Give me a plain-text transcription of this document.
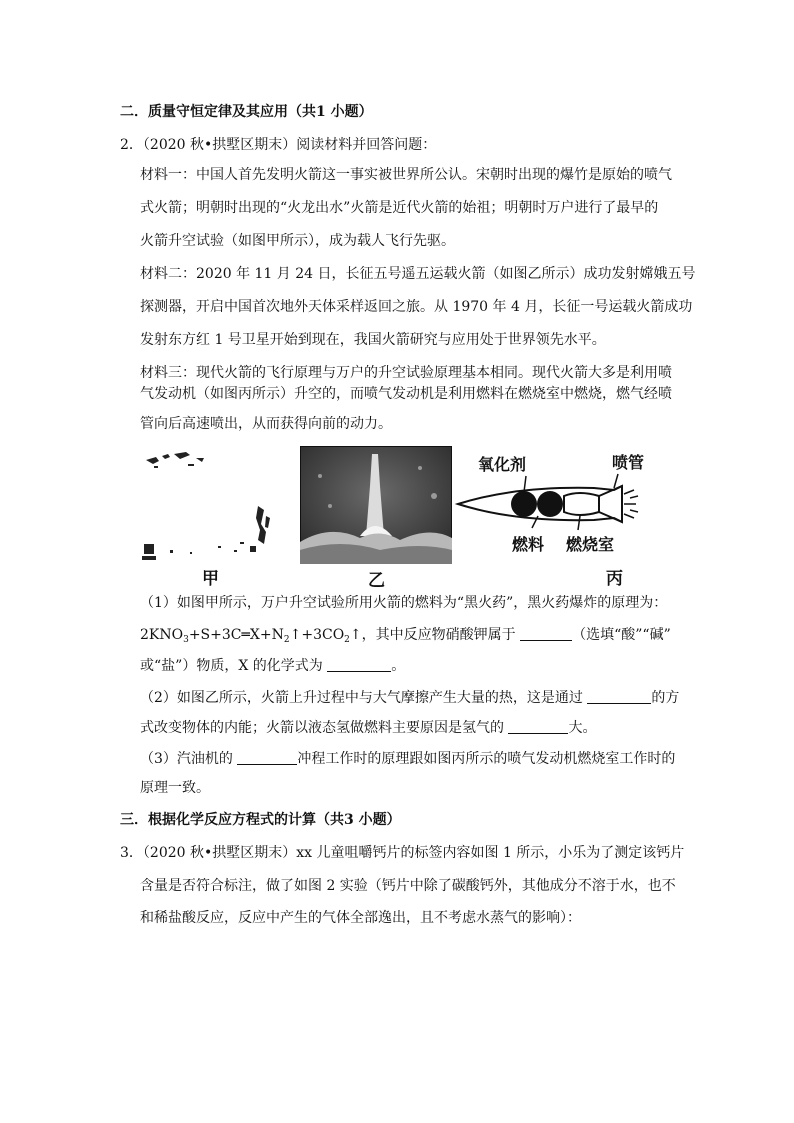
二．质量守恒定律及其应用（共1 小题）
2．（2020 秋•拱墅区期末）阅读材料并回答问题：
材料一：中国人首先发明火箭这一事实被世界所公认。宋朝时出现的爆竹是原始的喷气
式火箭；明朝时出现的“火龙出水”火箭是近代火箭的始祖；明朝时万户进行了最早的
火箭升空试验（如图甲所示），成为载人飞行先驱。
材料二：2020 年 11 月 24 日，长征五号遥五运载火箭（如图乙所示）成功发射嫦娥五号
探测器，开启中国首次地外天体采样返回之旅。从 1970 年 4 月，长征一号运载火箭成功
发射东方红 1 号卫星开始到现在，我国火箭研究与应用处于世界领先水平。
材料三：现代火箭的飞行原理与万户的升空试验原理基本相同。现代火箭大多是利用喷
气发动机（如图丙所示）升空的，而喷气发动机是利用燃料在燃烧室中燃烧，燃气经喷
管向后高速喷出，从而获得向前的动力。
甲	乙	丙
氧化剂	喷管
燃料 燃烧室
（1）如图甲所示，万户升空试验所用火箭的燃料为“黑火药”，黑火药爆炸的原理为：
$2KNO_3+S+3C═X+N_2↑+3CO_2↑$，其中反应物硝酸钾属于	（选填“酸”“碱”
或“盐”）物质，X 的化学式为	。
（2）如图乙所示，火箭上升过程中与大气摩擦产生大量的热，这是通过	的方
式改变物体的内能；火箭以液态氢做燃料主要原因是氢气的	大。
（3）汽油机的	冲程工作时的原理跟如图丙所示的喷气发动机燃烧室工作时的
原理一致。
三．根据化学反应方程式的计算（共3 小题）
3．（2020 秋•拱墅区期末）xx 儿童咀嚼钙片的标签内容如图 1 所示，小乐为了测定该钙片
含量是否符合标注，做了如图 2 实验（钙片中除了碳酸钙外，其他成分不溶于水，也不
和稀盐酸反应，反应中产生的气体全部逸出，且不考虑水蒸气的影响）：
